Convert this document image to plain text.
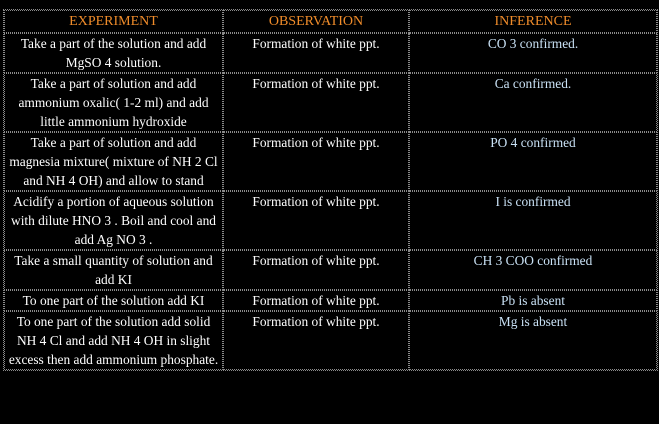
EXPERIMENT	OBSERVATION	INFERENCE
Take a part of the solution and add MgSO 4 solution.	Formation of white ppt.	CO 3 confirmed.
Take a part of solution and add ammonium oxalic( 1-2 ml) and add little ammonium hydroxide	Formation of white ppt.	Ca confirmed.
Take a part of solution and add magnesia mixture( mixture of NH 2 Cl and NH 4 OH) and allow to stand	Formation of white ppt.	PO 4 confirmed
Acidify a portion of aqueous solution with dilute HNO 3 . Boil and cool and add Ag NO 3 .	Formation of white ppt.	I is confirmed
Take a small quantity of solution and add KI	Formation of white ppt.	CH 3 COO confirmed
To one part of the solution add KI	Formation of white ppt.	Pb is absent
To one part of the solution add solid NH 4 Cl and add NH 4 OH in slight excess then add ammonium phosphate.	Formation of white ppt.	Mg is absent
